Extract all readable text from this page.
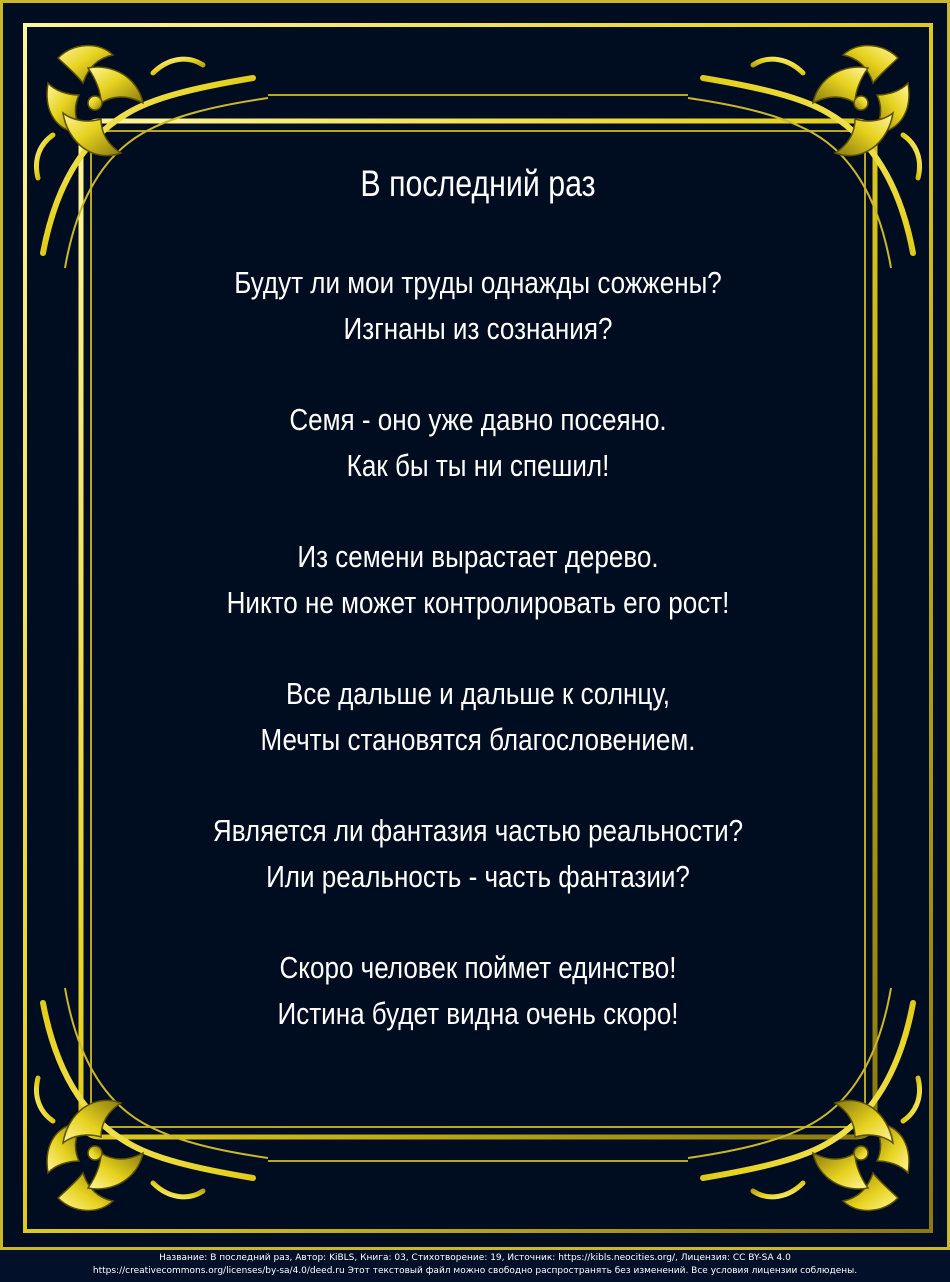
В последний раз
Будут ли мои труды однажды сожжены?
Изгнаны из сознания?
Семя - оно уже давно посеяно.
Как бы ты ни спешил!
Из семени вырастает дерево.
Никто не может контролировать его рост!
Все дальше и дальше к солнцу,
Мечты становятся благословением.
Является ли фантазия частью реальности?
Или реальность - часть фантазии?
Скоро человек поймет единство!
Истина будет видна очень скоро!
Название: В последний раз, Автор: KiBLS, Книга: 03, Стихотворение: 19, Источник: https://kibls.neocities.org/, Лицензия: CC BY-SA 4.0
https://creativecommons.org/licenses/by-sa/4.0/deed.ru Этот текстовый файл можно свободно распространять без изменений. Все условия лицензии соблюдены.
